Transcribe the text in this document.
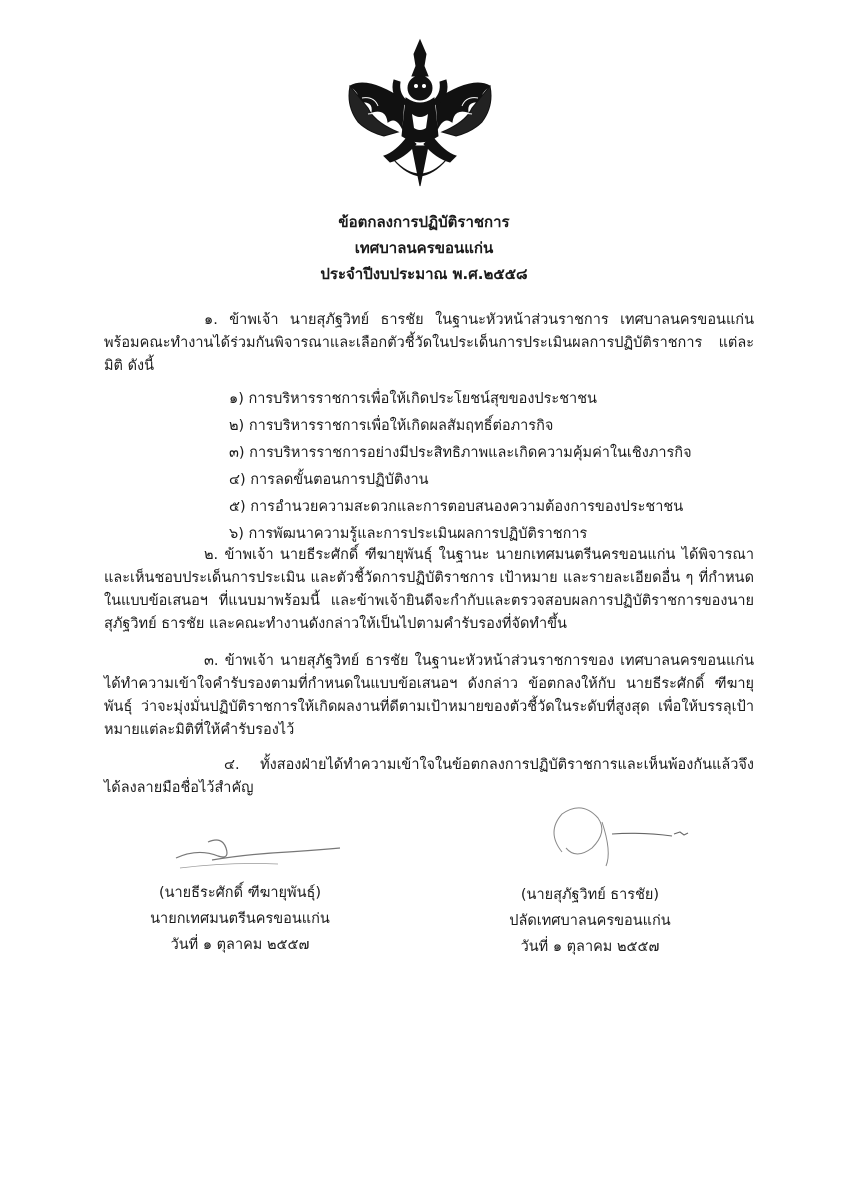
ข้อตกลงการปฏิบัติราชการ
เทศบาลนครขอนแก่น
ประจำปีงบประมาณ พ.ศ.๒๕๕๘

๑. ข้าพเจ้า นายสุภัฐวิทย์ ธารชัย ในฐานะหัวหน้าส่วนราชการ เทศบาลนครขอนแก่น พร้อมคณะทำงานได้ร่วมกันพิจารณาและเลือกตัวชี้วัดในประเด็นการประเมินผลการปฏิบัติราชการ แต่ละมิติ ดังนี้

๑) การบริหารราชการเพื่อให้เกิดประโยชน์สุขของประชาชน
๒) การบริหารราชการเพื่อให้เกิดผลสัมฤทธิ์ต่อภารกิจ
๓) การบริหารราชการอย่างมีประสิทธิภาพและเกิดความคุ้มค่าในเชิงภารกิจ
๔) การลดขั้นตอนการปฏิบัติงาน
๕) การอำนวยความสะดวกและการตอบสนองความต้องการของประชาชน
๖) การพัฒนาความรู้และการประเมินผลการปฏิบัติราชการ

๒. ข้าพเจ้า นายธีระศักดิ์ ฑีฆายุพันธุ์ ในฐานะ นายกเทศมนตรีนครขอนแก่น ได้พิจารณาและเห็นชอบประเด็นการประเมิน และตัวชี้วัดการปฏิบัติราชการ เป้าหมาย และรายละเอียดอื่น ๆ ที่กำหนดในแบบข้อเสนอฯ ที่แนบมาพร้อมนี้ และข้าพเจ้ายินดีจะกำกับและตรวจสอบผลการปฏิบัติราชการของนายสุภัฐวิทย์ ธารชัย และคณะทำงานดังกล่าวให้เป็นไปตามคำรับรองที่จัดทำขึ้น

๓. ข้าพเจ้า นายสุภัฐวิทย์ ธารชัย ในฐานะหัวหน้าส่วนราชการของ เทศบาลนครขอนแก่น ได้ทำความเข้าใจคำรับรองตามที่กำหนดในแบบข้อเสนอฯ ดังกล่าว ข้อตกลงให้กับ นายธีระศักดิ์ ฑีฆายุพันธุ์ ว่าจะมุ่งมั่นปฏิบัติราชการให้เกิดผลงานที่ดีตามเป้าหมายของตัวชี้วัดในระดับที่สูงสุด เพื่อให้บรรลุเป้าหมายแต่ละมิติที่ให้คำรับรองไว้

๔. ทั้งสองฝ่ายได้ทำความเข้าใจในข้อตกลงการปฏิบัติราชการและเห็นพ้องกันแล้วจึงได้ลงลายมือชื่อไว้สำคัญ

(นายธีระศักดิ์ ฑีฆายุพันธุ์)
นายกเทศมนตรีนครขอนแก่น
วันที่ ๑ ตุลาคม ๒๕๕๗
(นายสุภัฐวิทย์ ธารชัย)
ปลัดเทศบาลนครขอนแก่น
วันที่ ๑ ตุลาคม ๒๕๕๗
